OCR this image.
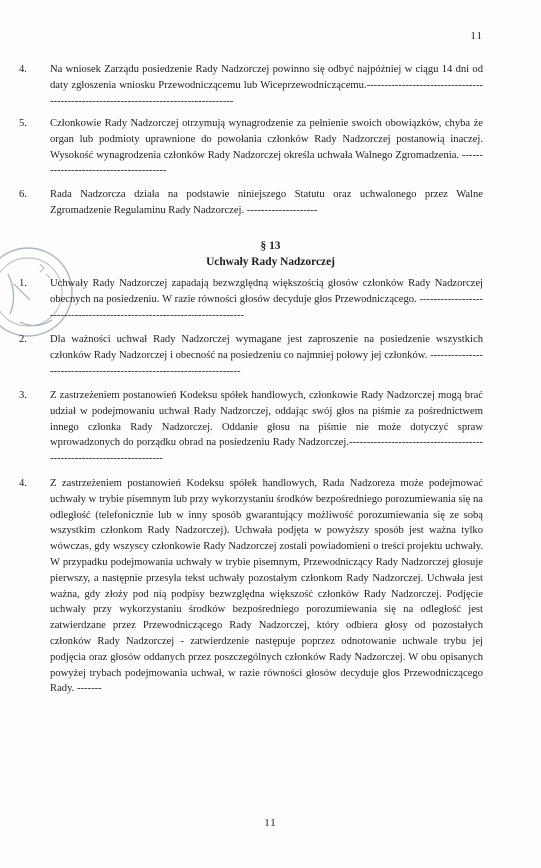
11
4. Na wniosek Zarządu posiedzenie Rady Nadzorczej powinno się odbyć najpóźniej w ciągu 14 dni od daty zgłoszenia wniosku Przewodniczącemu lub Wiceprzewodniczącemu.-------------------------------------------------------------------------------------
5. Członkowie Rady Nadzorczej otrzymują wynagrodzenie za pełnienie swoich obowiązków, chyba że organ lub podmioty uprawnione do powołania członków Rady Nadzorczej postanowią inaczej. Wysokość wynagrodzenia członków Rady Nadzorczej określa uchwała Walnego Zgromadzenia. ---------------------------------------
6. Rada Nadzorcza działa na podstawie niniejszego Statutu oraz uchwalonego przez Walne Zgromadzenie Regulaminu Rady Nadzorczej. --------------------
§ 13
Uchwały Rady Nadzorczej
1. Uchwały Rady Nadzorczej zapadają bezwzględną większością głosów członków Rady Nadzorczej obecnych na posiedzeniu. W razie równości głosów decyduje głos Przewodniczącego. -------------------------------------------------------------------------
2. Dla ważności uchwał Rady Nadzorczej wymagane jest zaproszenie na posiedzenie wszystkich członków Rady Nadzorczej i obecność na posiedzeniu co najmniej połowy jej członków. ---------------------------------------------------------------------
3. Z zastrzeżeniem postanowień Kodeksu spółek handlowych, członkowie Rady Nadzorczej mogą brać udział w podejmowaniu uchwał Rady Nadzorczej, oddając swój głos na piśmie za pośrednictwem innego członka Rady Nadzorczej. Oddanie głosu na piśmie nie może dotyczyć spraw wprowadzonych do porządku obrad na posiedzeniu Rady Nadzorczej.----------------------------------------------------------------------
4. Z zastrzeżeniem postanowień Kodeksu spółek handlowych, Rada Nadzoreza może podejmować uchwały w trybie pisemnym lub przy wykorzystaniu środków bezpośredniego porozumiewania się na odległość (telefonicznie lub w inny sposób gwarantujący możliwość porozumiewania się ze sobą wszystkim członkom Rady Nadzorczej). Uchwała podjęta w powyższy sposób jest ważna tylko wówczas, gdy wszyscy członkowie Rady Nadzorczej zostali powiadomieni o treści projektu uchwały. W przypadku podejmowania uchwały w trybie pisemnym, Przewodniczący Rady Nadzorczej głosuje pierwszy, a następnie przesyła tekst uchwały pozostałym członkom Rady Nadzorczej. Uchwała jest ważna, gdy złoży pod nią podpisy bezwzględna większość członków Rady Nadzorczej. Podjęcie uchwały przy wykorzystaniu środków bezpośredniego porozumiewania się na odległość jest zatwierdzane przez Przewodniczącego Rady Nadzorczej, który odbiera głosy od pozostałych członków Rady Nadzorczej - zatwierdzenie następuje poprzez odnotowanie uchwale trybu jej podjęcia oraz głosów oddanych przez poszczególnych członków Rady Nadzorczej. W obu opisanych powyżej trybach podejmowania uchwał, w razie równości głosów decyduje głos Przewodniczącego Rady. -------
11
